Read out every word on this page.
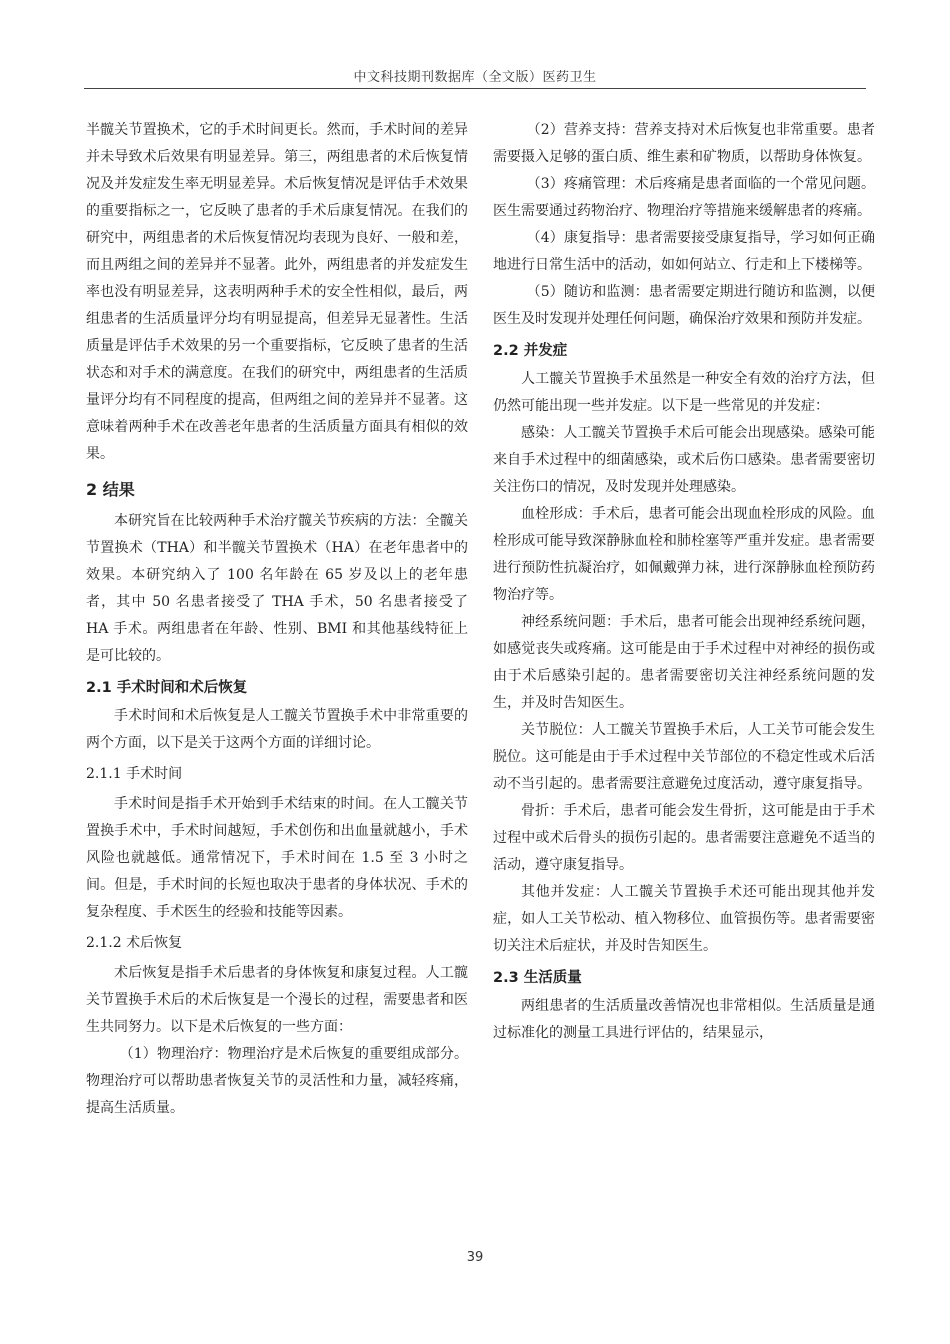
中文科技期刊数据库（全文版）医药卫生

半髋关节置换术，它的手术时间更长。然而，手术时间的差异并未导致术后效果有明显差异。第三，两组患者的术后恢复情况及并发症发生率无明显差异。术后恢复情况是评估手术效果的重要指标之一，它反映了患者的手术后康复情况。在我们的研究中，两组患者的术后恢复情况均表现为良好、一般和差，而且两组之间的差异并不显著。此外，两组患者的并发症发生率也没有明显差异，这表明两种手术的安全性相似，最后，两组患者的生活质量评分均有明显提高，但差异无显著性。生活质量是评估手术效果的另一个重要指标，它反映了患者的生活状态和对手术的满意度。在我们的研究中，两组患者的生活质量评分均有不同程度的提高，但两组之间的差异并不显著。这意味着两种手术在改善老年患者的生活质量方面具有相似的效果。

2 结果

本研究旨在比较两种手术治疗髋关节疾病的方法：全髋关节置换术（THA）和半髋关节置换术（HA）在老年患者中的效果。本研究纳入了 100 名年龄在 65 岁及以上的老年患者，其中 50 名患者接受了 THA 手术，50 名患者接受了 HA 手术。两组患者在年龄、性别、BMI 和其他基线特征上是可比较的。

2.1 手术时间和术后恢复

手术时间和术后恢复是人工髋关节置换手术中非常重要的两个方面，以下是关于这两个方面的详细讨论。

2.1.1 手术时间

手术时间是指手术开始到手术结束的时间。在人工髋关节置换手术中，手术时间越短，手术创伤和出血量就越小，手术风险也就越低。通常情况下，手术时间在 1.5 至 3 小时之间。但是，手术时间的长短也取决于患者的身体状况、手术的复杂程度、手术医生的经验和技能等因素。

2.1.2 术后恢复

术后恢复是指手术后患者的身体恢复和康复过程。人工髋关节置换手术后的术后恢复是一个漫长的过程，需要患者和医生共同努力。以下是术后恢复的一些方面：

（1）物理治疗：物理治疗是术后恢复的重要组成部分。物理治疗可以帮助患者恢复关节的灵活性和力量，减轻疼痛，提高生活质量。

（2）营养支持：营养支持对术后恢复也非常重要。患者需要摄入足够的蛋白质、维生素和矿物质，以帮助身体恢复。

（3）疼痛管理：术后疼痛是患者面临的一个常见问题。医生需要通过药物治疗、物理治疗等措施来缓解患者的疼痛。

（4）康复指导：患者需要接受康复指导，学习如何正确地进行日常生活中的活动，如如何站立、行走和上下楼梯等。

（5）随访和监测：患者需要定期进行随访和监测，以便医生及时发现并处理任何问题，确保治疗效果和预防并发症。

2.2 并发症

人工髋关节置换手术虽然是一种安全有效的治疗方法，但仍然可能出现一些并发症。以下是一些常见的并发症：

感染：人工髋关节置换手术后可能会出现感染。感染可能来自手术过程中的细菌感染，或术后伤口感染。患者需要密切关注伤口的情况，及时发现并处理感染。

血栓形成：手术后，患者可能会出现血栓形成的风险。血栓形成可能导致深静脉血栓和肺栓塞等严重并发症。患者需要进行预防性抗凝治疗，如佩戴弹力袜，进行深静脉血栓预防药物治疗等。

神经系统问题：手术后，患者可能会出现神经系统问题，如感觉丧失或疼痛。这可能是由于手术过程中对神经的损伤或由于术后感染引起的。患者需要密切关注神经系统问题的发生，并及时告知医生。

关节脱位：人工髋关节置换手术后，人工关节可能会发生脱位。这可能是由于手术过程中关节部位的不稳定性或术后活动不当引起的。患者需要注意避免过度活动，遵守康复指导。

骨折：手术后，患者可能会发生骨折，这可能是由于手术过程中或术后骨头的损伤引起的。患者需要注意避免不适当的活动，遵守康复指导。

其他并发症：人工髋关节置换手术还可能出现其他并发症，如人工关节松动、植入物移位、血管损伤等。患者需要密切关注术后症状，并及时告知医生。

2.3 生活质量

两组患者的生活质量改善情况也非常相似。生活质量是通过标准化的测量工具进行评估的，结果显示，

39
